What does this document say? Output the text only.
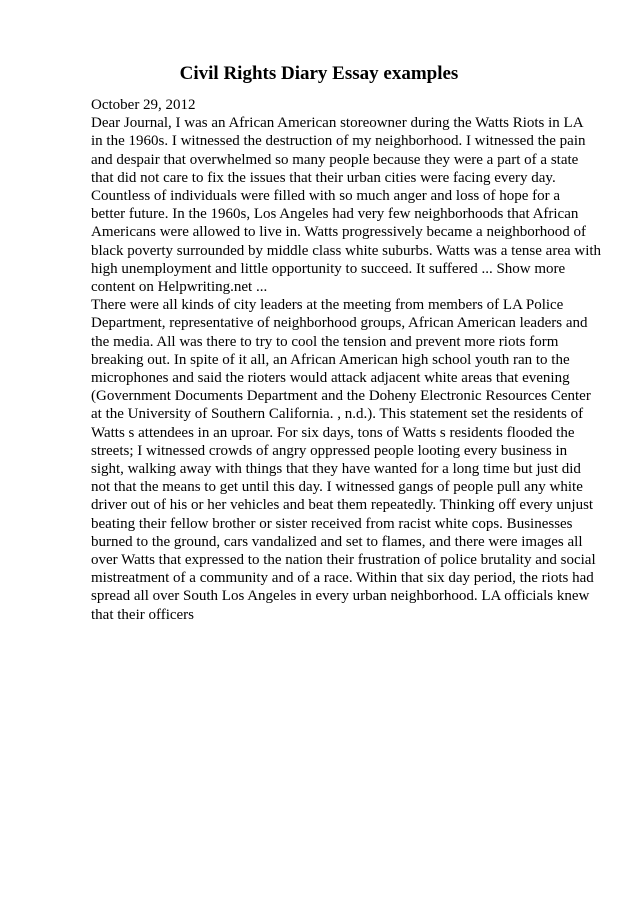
Civil Rights Diary Essay examples
October 29, 2012
Dear Journal, I was an African American storeowner during the Watts Riots in LA
in the 1960s. I witnessed the destruction of my neighborhood. I witnessed the pain
and despair that overwhelmed so many people because they were a part of a state
that did not care to fix the issues that their urban cities were facing every day.
Countless of individuals were filled with so much anger and loss of hope for a
better future. In the 1960s, Los Angeles had very few neighborhoods that African
Americans were allowed to live in. Watts progressively became a neighborhood of
black poverty surrounded by middle class white suburbs. Watts was a tense area with
high unemployment and little opportunity to succeed. It suffered ... Show more
content on Helpwriting.net ...
There were all kinds of city leaders at the meeting from members of LA Police
Department, representative of neighborhood groups, African American leaders and
the media. All was there to try to cool the tension and prevent more riots form
breaking out. In spite of it all, an African American high school youth ran to the
microphones and said the rioters would attack adjacent white areas that evening
(Government Documents Department and the Doheny Electronic Resources Center
at the University of Southern California. , n.d.). This statement set the residents of
Watts s attendees in an uproar. For six days, tons of Watts s residents flooded the
streets; I witnessed crowds of angry oppressed people looting every business in
sight, walking away with things that they have wanted for a long time but just did
not that the means to get until this day. I witnessed gangs of people pull any white
driver out of his or her vehicles and beat them repeatedly. Thinking off every unjust
beating their fellow brother or sister received from racist white cops. Businesses
burned to the ground, cars vandalized and set to flames, and there were images all
over Watts that expressed to the nation their frustration of police brutality and social
mistreatment of a community and of a race. Within that six day period, the riots had
spread all over South Los Angeles in every urban neighborhood. LA officials knew
that their officers
